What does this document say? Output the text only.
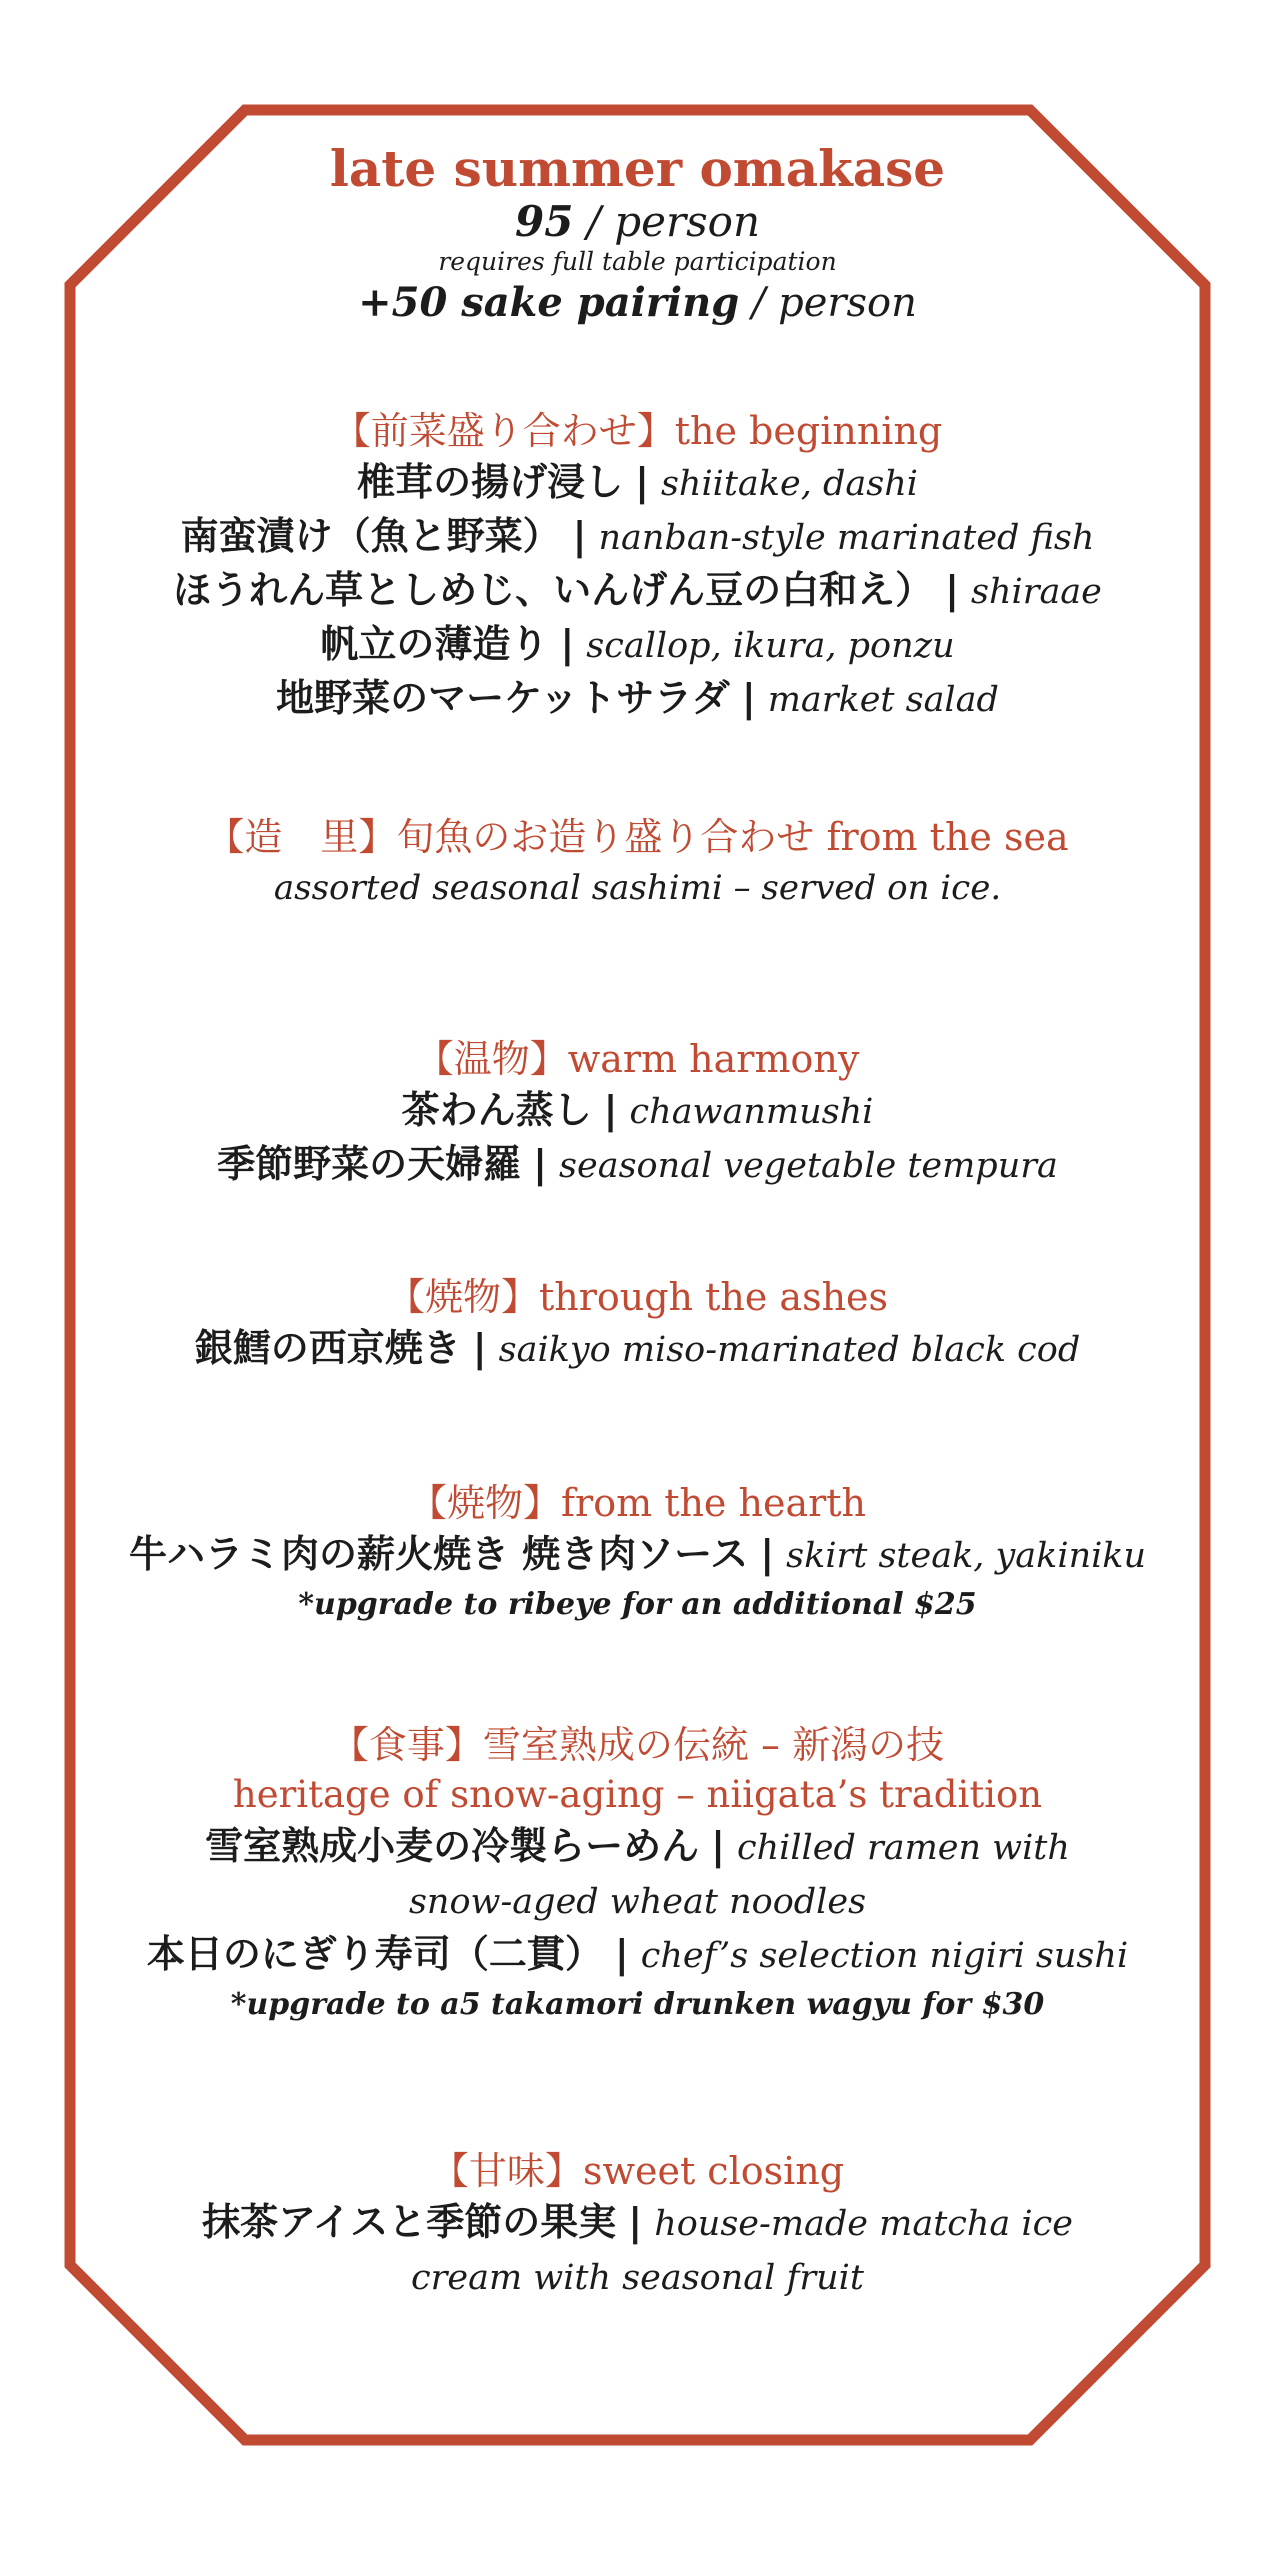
late summer omakase
95 / person
requires full table participation
+50 sake pairing / person
【前菜盛り合わせ】the beginning
椎茸の揚げ浸し | shiitake, dashi
南蛮漬け（魚と野菜） | nanban-style marinated fish
ほうれん草としめじ、いんげん豆の白和え） | shiraae
帆立の薄造り | scallop, ikura, ponzu
地野菜のマーケットサラダ | market salad
【造　里】旬魚のお造り盛り合わせ from the sea
assorted seasonal sashimi – served on ice.
【温物】warm harmony
茶わん蒸し | chawanmushi
季節野菜の天婦羅 | seasonal vegetable tempura
【焼物】through the ashes
銀鱈の西京焼き | saikyo miso-marinated black cod
【焼物】from the hearth
牛ハラミ肉の薪火焼き 焼き肉ソース | skirt steak, yakiniku
*upgrade to ribeye for an additional $25
【食事】雪室熟成の伝統 – 新潟の技
heritage of snow-aging – niigata’s tradition
雪室熟成小麦の冷製らーめん | chilled ramen with snow-aged wheat noodles
本日のにぎり寿司（二貫） | chef’s selection nigiri sushi
*upgrade to a5 takamori drunken wagyu for $30
【甘味】sweet closing
抹茶アイスと季節の果実 | house-made matcha ice cream with seasonal fruit
